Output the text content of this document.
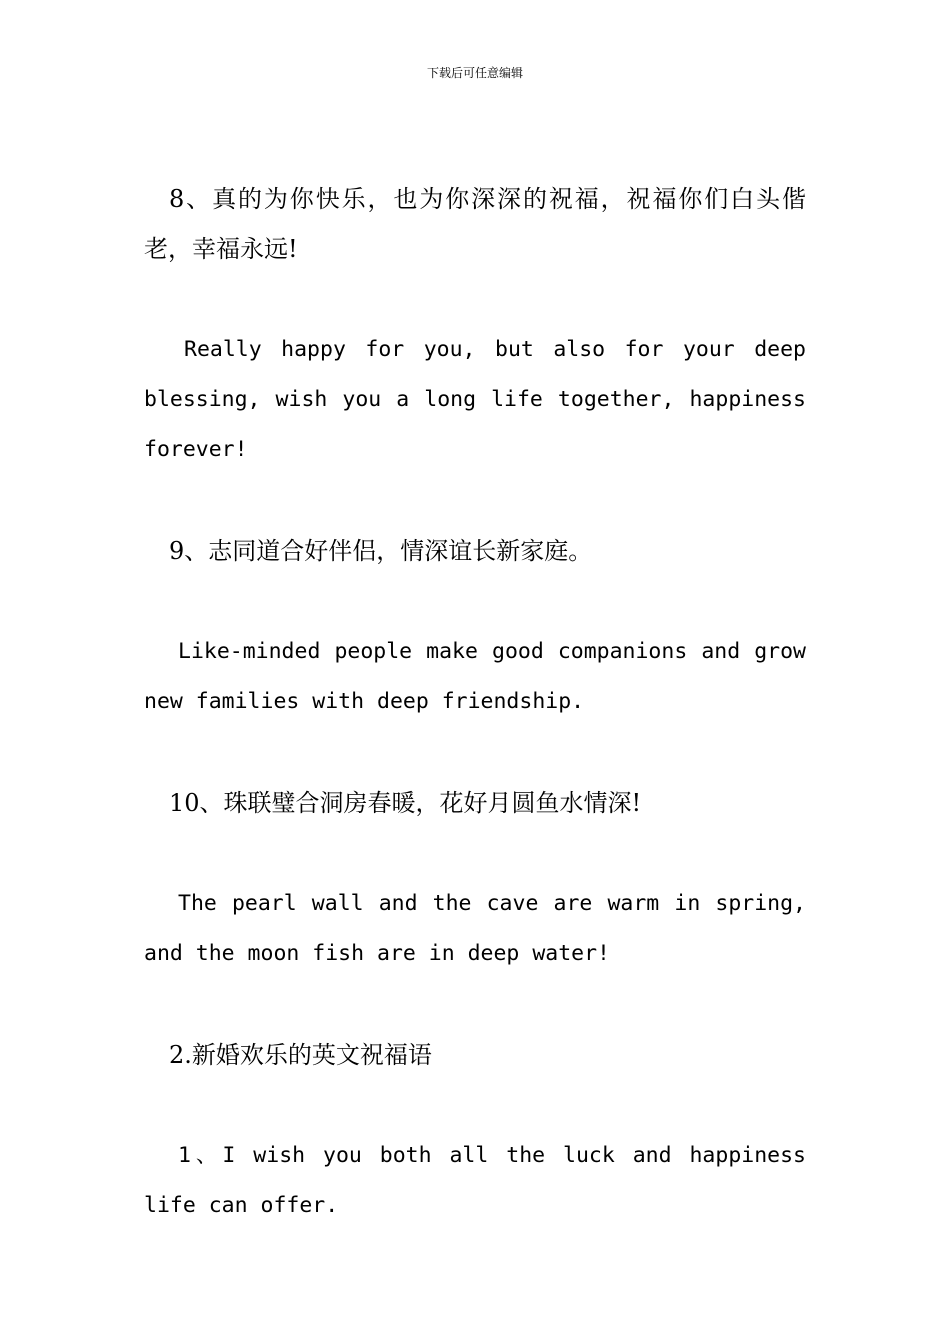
下载后可任意编辑

8、真的为你快乐，也为你深深的祝福，祝福你们白头偕老，幸福永远!

Really happy for you, but also for your deep blessing, wish you a long life together, happiness forever!

9、志同道合好伴侣，情深谊长新家庭。

Like-minded people make good companions and grow new families with deep friendship.

10、珠联璧合洞房春暖，花好月圆鱼水情深!

The pearl wall and the cave are warm in spring, and the moon fish are in deep water!

2.新婚欢乐的英文祝福语

1、I wish you both all the luck and happiness life can offer.
